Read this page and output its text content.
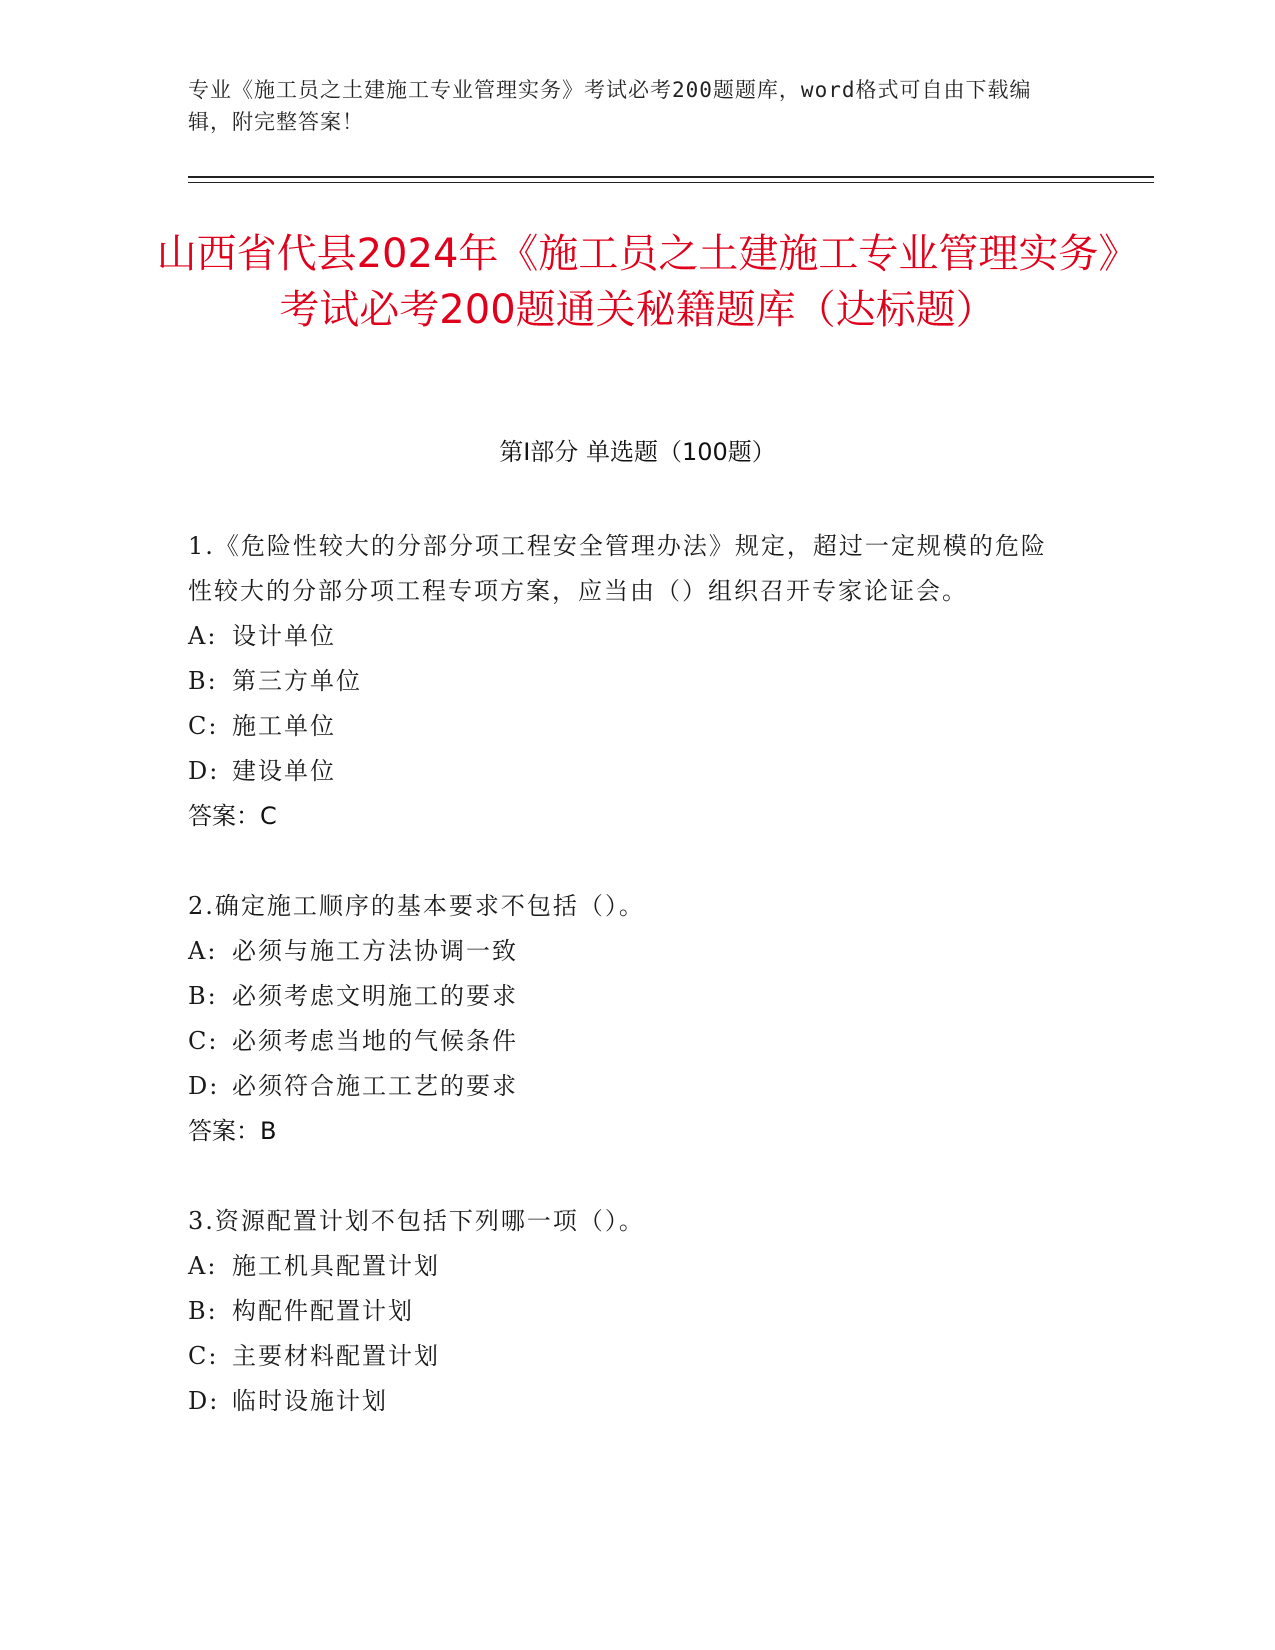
专业《施工员之土建施工专业管理实务》考试必考200题题库，word格式可自由下载编辑，附完整答案！
山西省代县2024年《施工员之土建施工专业管理实务》考试必考200题通关秘籍题库（达标题）
第Ⅰ部分 单选题（100题）
1.《危险性较大的分部分项工程安全管理办法》规定，超过一定规模的危险性较大的分部分项工程专项方案，应当由（）组织召开专家论证会。
A: 设计单位
B: 第三方单位
C: 施工单位
D: 建设单位
答案：C
2.确定施工顺序的基本要求不包括（）。
A: 必须与施工方法协调一致
B: 必须考虑文明施工的要求
C: 必须考虑当地的气候条件
D: 必须符合施工工艺的要求
答案：B
3.资源配置计划不包括下列哪一项（）。
A: 施工机具配置计划
B: 构配件配置计划
C: 主要材料配置计划
D: 临时设施计划
